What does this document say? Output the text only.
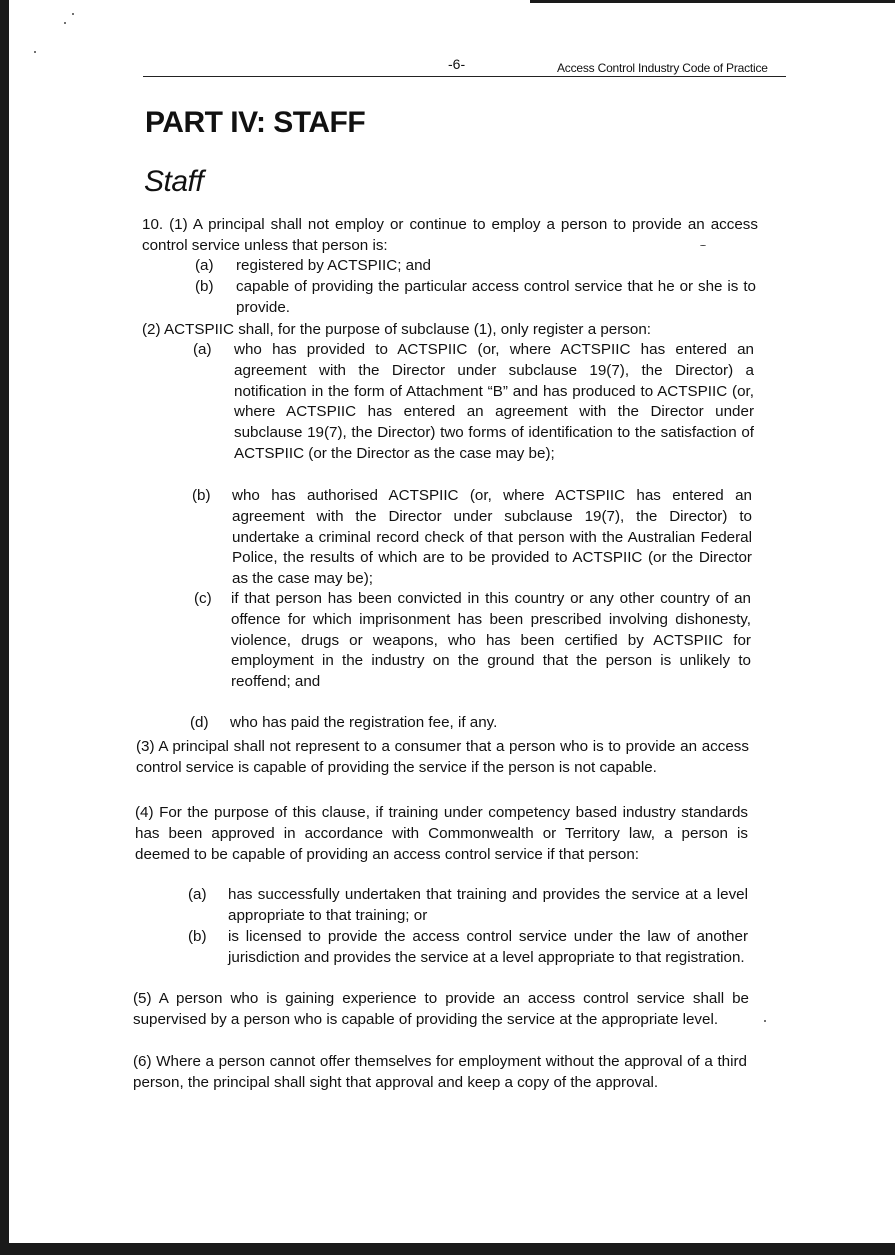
-6-	Access Control Industry Code of Practice
PART IV: STAFF
Staff
10. (1) A principal shall not employ or continue to employ a person to provide an access control service unless that person is:
(a) registered by ACTSPIIC; and
(b) capable of providing the particular access control service that he or she is to provide.
(2) ACTSPIIC shall, for the purpose of subclause (1), only register a person:
(a) who has provided to ACTSPIIC (or, where ACTSPIIC has entered an agreement with the Director under subclause 19(7), the Director) a notification in the form of Attachment “B” and has produced to ACTSPIIC (or, where ACTSPIIC has entered an agreement with the Director under subclause 19(7), the Director) two forms of identification to the satisfaction of ACTSPIIC (or the Director as the case may be);
(b) who has authorised ACTSPIIC (or, where ACTSPIIC has entered an agreement with the Director under subclause 19(7), the Director) to undertake a criminal record check of that person with the Australian Federal Police, the results of which are to be provided to ACTSPIIC (or the Director as the case may be);
(c) if that person has been convicted in this country or any other country of an offence for which imprisonment has been prescribed involving dishonesty, violence, drugs or weapons, who has been certified by ACTSPIIC for employment in the industry on the ground that the person is unlikely to reoffend; and
(d) who has paid the registration fee, if any.
(3) A principal shall not represent to a consumer that a person who is to provide an access control service is capable of providing the service if the person is not capable.
(4) For the purpose of this clause, if training under competency based industry standards has been approved in accordance with Commonwealth or Territory law, a person is deemed to be capable of providing an access control service if that person:
(a) has successfully undertaken that training and provides the service at a level appropriate to that training; or
(b) is licensed to provide the access control service under the law of another jurisdiction and provides the service at a level appropriate to that registration.
(5) A person who is gaining experience to provide an access control service shall be supervised by a person who is capable of providing the service at the appropriate level.
(6) Where a person cannot offer themselves for employment without the approval of a third person, the principal shall sight that approval and keep a copy of the approval.
